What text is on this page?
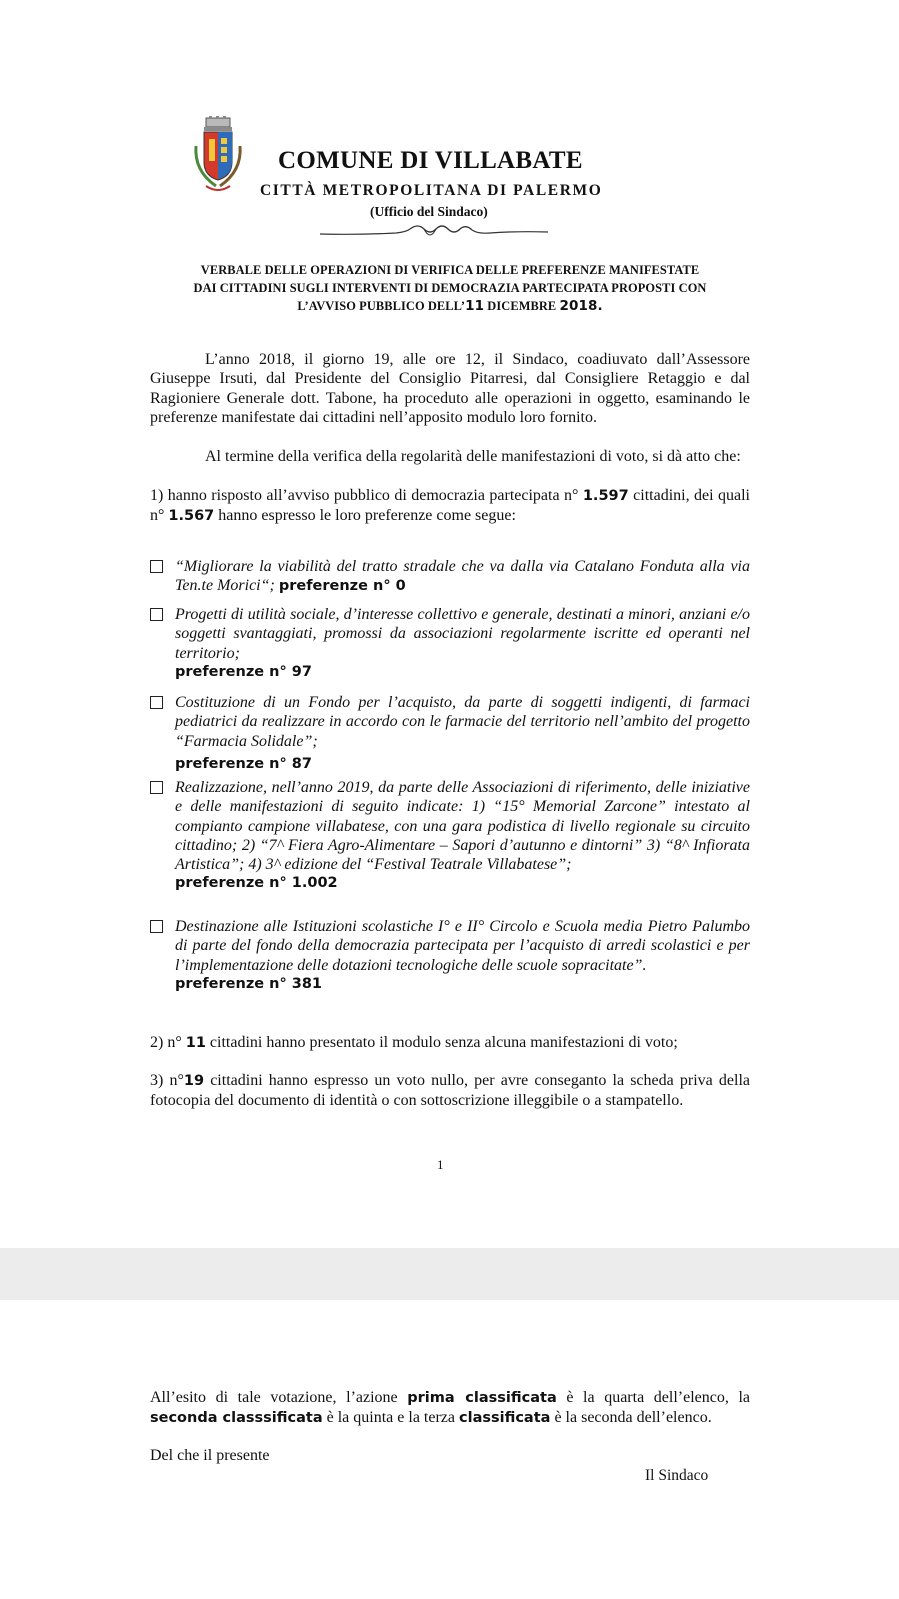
COMUNE DI VILLABATE
CITTÀ METROPOLITANA DI PALERMO
(Ufficio del Sindaco)
VERBALE DELLE OPERAZIONI DI VERIFICA DELLE PREFERENZE MANIFESTATE
DAI CITTADINI SUGLI INTERVENTI DI DEMOCRAZIA PARTECIPATA PROPOSTI CON
L’AVVISO PUBBLICO DELL’11 DICEMBRE 2018.
L’anno 2018, il giorno 19, alle ore 12, il Sindaco, coadiuvato dall’Assessore Giuseppe Irsuti, dal Presidente del Consiglio Pitarresi, dal Consigliere Retaggio e dal Ragioniere Generale dott. Tabone, ha proceduto alle operazioni in oggetto, esaminando le preferenze manifestate dai cittadini nell’apposito modulo loro fornito.
Al termine della verifica della regolarità delle manifestazioni di voto, si dà atto che:
1) hanno risposto all’avviso pubblico di democrazia partecipata n° 1.597 cittadini, dei quali n° 1.567 hanno espresso le loro preferenze come segue:
“Migliorare la viabilità del tratto stradale che va dalla via Catalano Fonduta alla via Ten.te Morici“; preferenze n° 0
Progetti di utilità sociale, d’interesse collettivo e generale, destinati a minori, anziani e/o soggetti svantaggiati, promossi da associazioni regolarmente iscritte ed operanti nel territorio;
preferenze n° 97
Costituzione di un Fondo per l’acquisto, da parte di soggetti indigenti, di farmaci pediatrici da realizzare in accordo con le farmacie del territorio nell’ambito del progetto “Farmacia Solidale”;
preferenze n° 87
Realizzazione, nell’anno 2019, da parte delle Associazioni di riferimento, delle iniziative e delle manifestazioni di seguito indicate: 1) “15° Memorial Zarcone” intestato al compianto campione villabatese, con una gara podistica di livello regionale su circuito cittadino; 2) “7^ Fiera Agro-Alimentare – Sapori d’autunno e dintorni” 3) “8^ Infiorata Artistica”; 4) 3^ edizione del “Festival Teatrale Villabatese”;
preferenze n° 1.002
Destinazione alle Istituzioni scolastiche I° e II° Circolo e Scuola media Pietro Palumbo di parte del fondo della democrazia partecipata per l’acquisto di arredi scolastici e per l’implementazione delle dotazioni tecnologiche delle scuole sopracitate”.
preferenze n° 381
2) n° 11 cittadini hanno presentato il modulo senza alcuna manifestazioni di voto;
3) n°19 cittadini hanno espresso un voto nullo, per avre conseganto la scheda priva della fotocopia del documento di identità o con sottoscrizione illeggibile o a stampatello.
1
All’esito di tale votazione, l’azione prima classificata è la quarta dell’elenco, la seconda classsificata è la quinta e la terza classificata è la seconda dell’elenco.
Del che il presente
Il Sindaco
